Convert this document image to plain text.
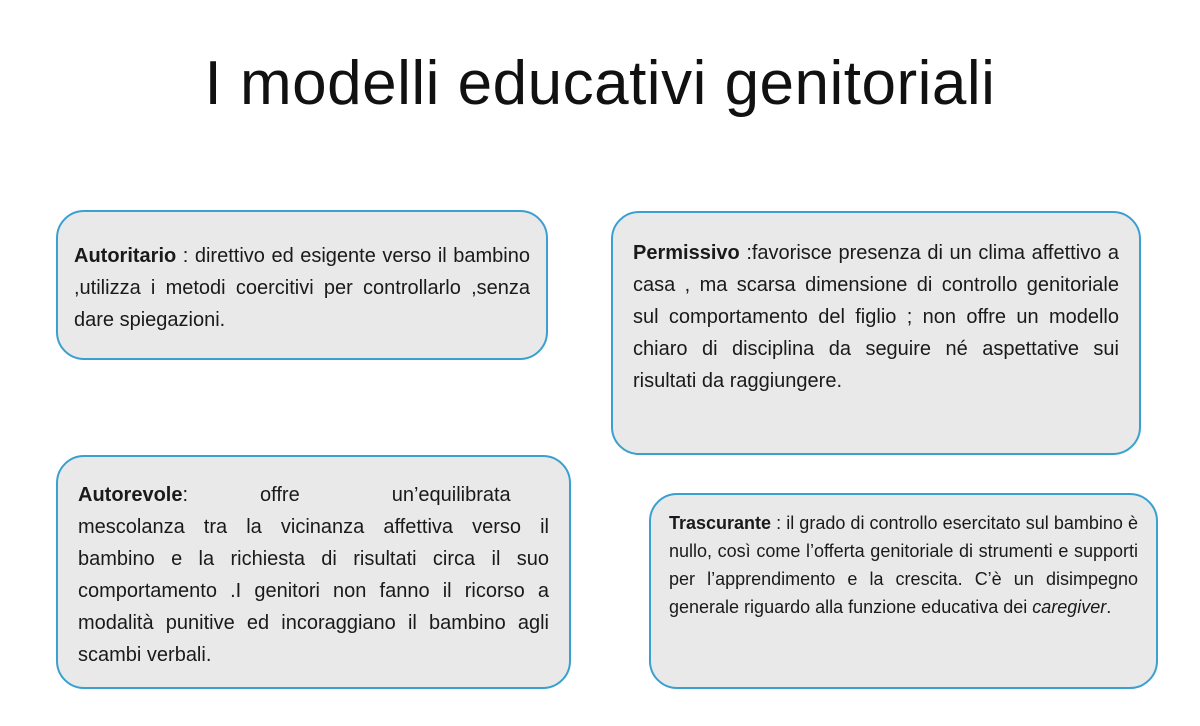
I modelli educativi genitoriali

Autoritario : direttivo ed esigente verso il bambino ,utilizza i metodi coercitivi per controllarlo ,senza dare spiegazioni.

Permissivo :favorisce presenza di un clima affettivo a casa , ma scarsa dimensione di controllo genitoriale sul comportamento del figlio ; non offre un modello chiaro di disciplina da seguire né aspettative sui risultati da raggiungere.

Autorevole:	offre	un’equilibrata mescolanza tra la vicinanza affettiva verso il bambino e la richiesta di risultati circa il suo comportamento .I genitori non fanno il ricorso a modalità punitive ed incoraggiano il bambino agli scambi verbali.

Trascurante : il grado di controllo esercitato sul bambino è nullo, così come l’offerta genitoriale di strumenti e supporti per l’apprendimento e la crescita. C’è un disimpegno generale riguardo alla funzione educativa dei caregiver.
